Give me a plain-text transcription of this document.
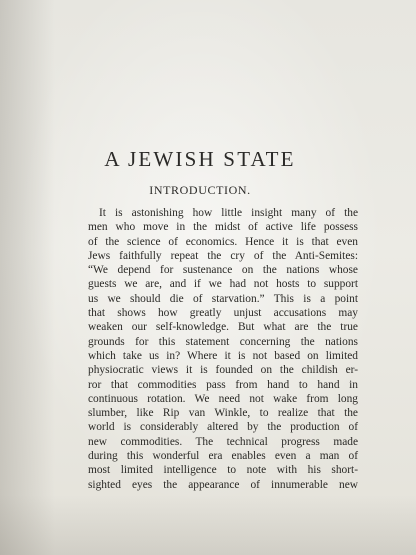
A JEWISH STATE
INTRODUCTION.
It is astonishing how little insight many of the
men who move in the midst of active life possess
of the science of economics. Hence it is that even
Jews faithfully repeat the cry of the Anti-Semites:
“We depend for sustenance on the nations whose
guests we are, and if we had not hosts to support
us we should die of starvation.” This is a point
that shows how greatly unjust accusations may
weaken our self-knowledge. But what are the true
grounds for this statement concerning the nations
which take us in? Where it is not based on limited
physiocratic views it is founded on the childish er-
ror that commodities pass from hand to hand in
continuous rotation. We need not wake from long
slumber, like Rip van Winkle, to realize that the
world is considerably altered by the production of
new commodities. The technical progress made
during this wonderful era enables even a man of
most limited intelligence to note with his short-
sighted eyes the appearance of innumerable new
